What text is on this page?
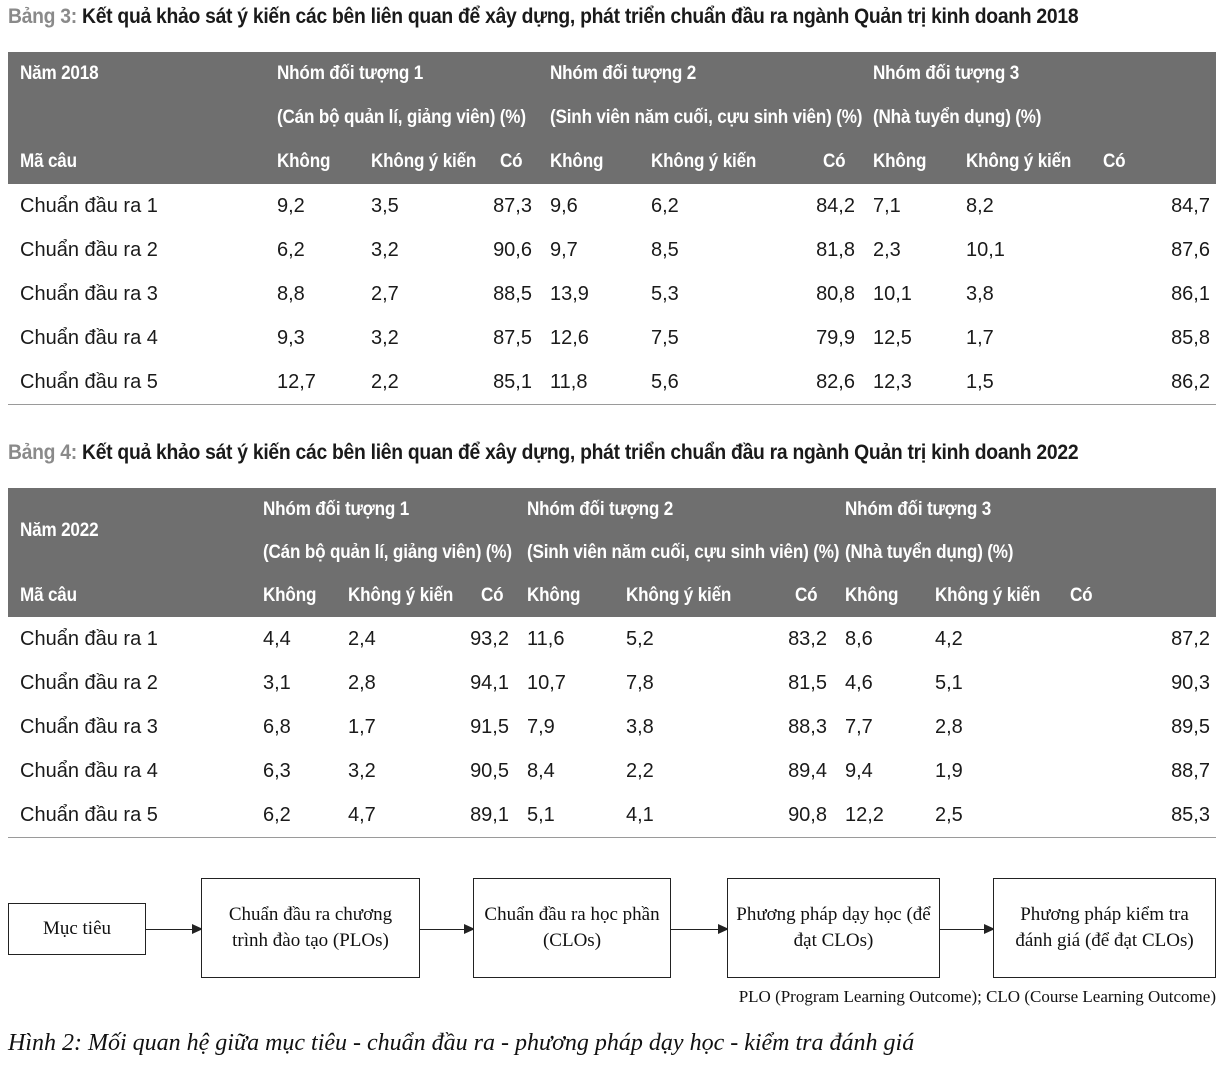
Bảng 3: Kết quả khảo sát ý kiến các bên liên quan để xây dựng, phát triển chuẩn đầu ra ngành Quản trị kinh doanh 2018
Năm 2018	Nhóm đối tượng 1			Nhóm đối tượng 2			Nhóm đối tượng 3		
	(Cán bộ quản lí, giảng viên) (%)			(Sinh viên năm cuối, cựu sinh viên) (%)			(Nhà tuyển dụng) (%)		
Mã câu	Không	Không ý kiến	Có	Không	Không ý kiến	Có	Không	Không ý kiến	Có
Chuẩn đầu ra 1	9,2	3,5	87,3	9,6	6,2	84,2	7,1	8,2	84,7
Chuẩn đầu ra 2	6,2	3,2	90,6	9,7	8,5	81,8	2,3	10,1	87,6
Chuẩn đầu ra 3	8,8	2,7	88,5	13,9	5,3	80,8	10,1	3,8	86,1
Chuẩn đầu ra 4	9,3	3,2	87,5	12,6	7,5	79,9	12,5	1,7	85,8
Chuẩn đầu ra 5	12,7	2,2	85,1	11,8	5,6	82,6	12,3	1,5	86,2
Bảng 4: Kết quả khảo sát ý kiến các bên liên quan để xây dựng, phát triển chuẩn đầu ra ngành Quản trị kinh doanh 2022
Năm 2022	Nhóm đối tượng 1			Nhóm đối tượng 2			Nhóm đối tượng 3		
	(Cán bộ quản lí, giảng viên) (%)			(Sinh viên năm cuối, cựu sinh viên) (%)			(Nhà tuyển dụng) (%)		
Mã câu	Không	Không ý kiến	Có	Không	Không ý kiến	Có	Không	Không ý kiến	Có
Chuẩn đầu ra 1	4,4	2,4	93,2	11,6	5,2	83,2	8,6	4,2	87,2
Chuẩn đầu ra 2	3,1	2,8	94,1	10,7	7,8	81,5	4,6	5,1	90,3
Chuẩn đầu ra 3	6,8	1,7	91,5	7,9	3,8	88,3	7,7	2,8	89,5
Chuẩn đầu ra 4	6,3	3,2	90,5	8,4	2,2	89,4	9,4	1,9	88,7
Chuẩn đầu ra 5	6,2	4,7	89,1	5,1	4,1	90,8	12,2	2,5	85,3
Mục tiêu
Chuẩn đầu ra chương trình đào tạo (PLOs)
Chuẩn đầu ra học phần (CLOs)
Phương pháp dạy học (để đạt CLOs)
Phương pháp kiểm tra đánh giá (để đạt CLOs)
PLO (Program Learning Outcome); CLO (Course Learning Outcome)
Hình 2: Mối quan hệ giữa mục tiêu - chuẩn đầu ra - phương pháp dạy học - kiểm tra đánh giá
